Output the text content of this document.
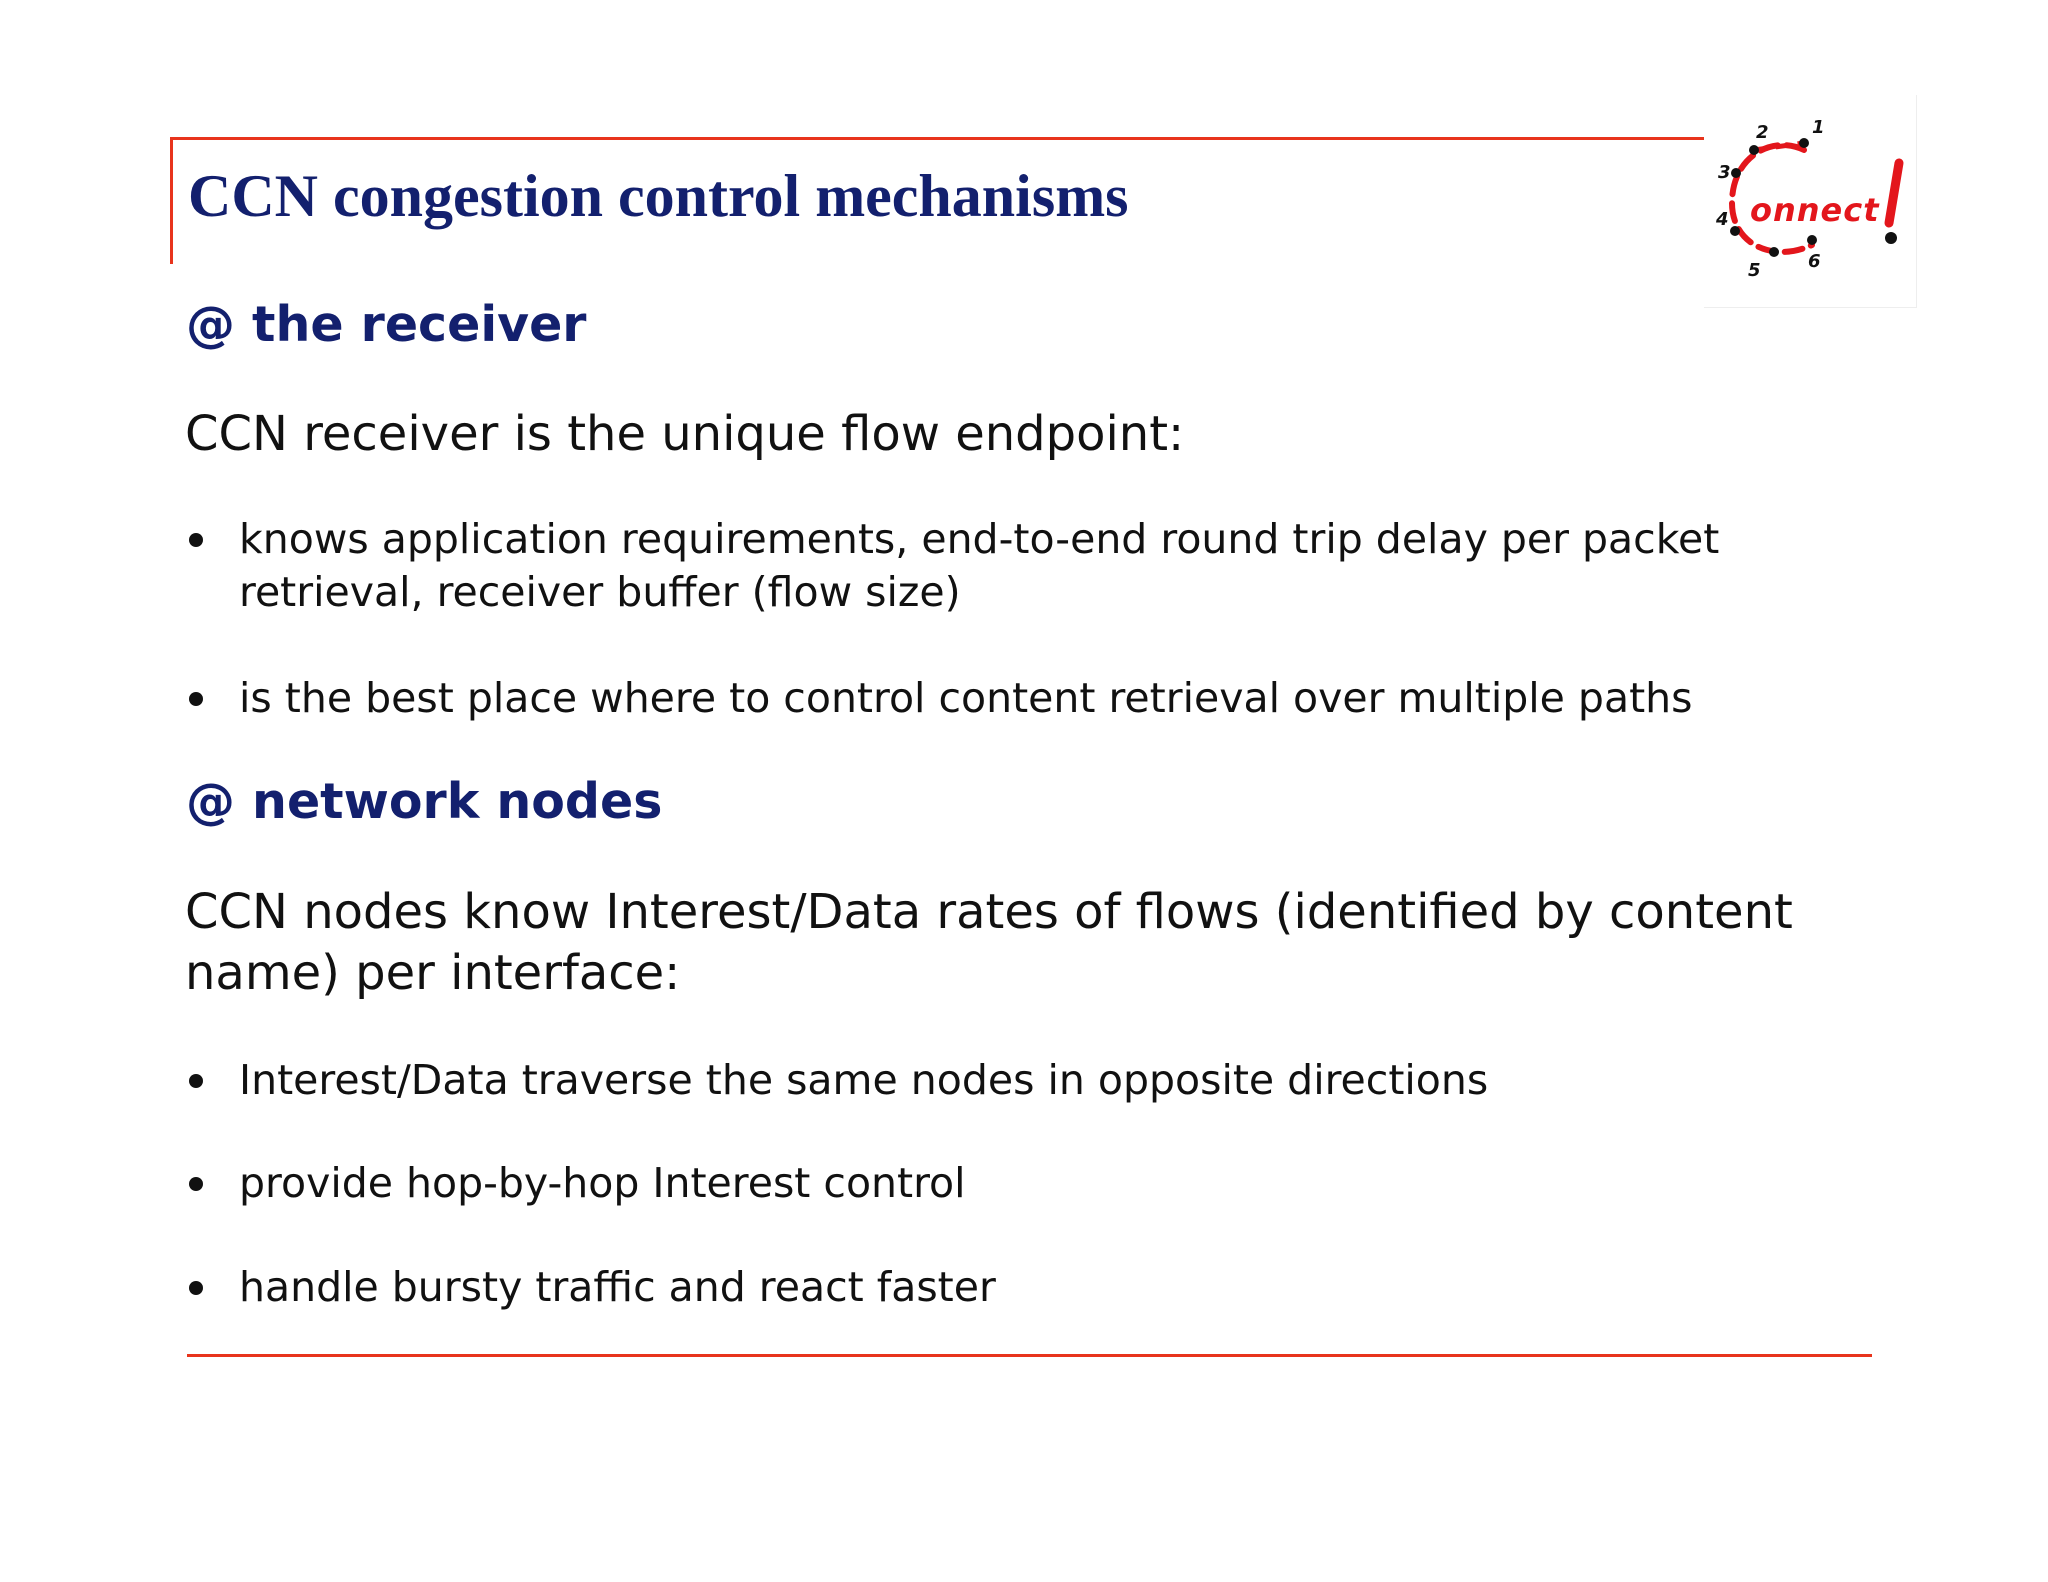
CCN congestion control mechanisms
1
2
3
4
5	6
onnect
@ the receiver

CCN receiver is the unique flow endpoint:

knows application requirements, end-to-end round trip delay per packet retrieval, receiver buffer (flow size)
is the best place where to control content retrieval over multiple paths
@ network nodes

CCN nodes know Interest/Data rates of flows (identified by content name) per interface:

Interest/Data traverse the same nodes in opposite directions
provide hop-by-hop Interest control
handle bursty traffic and react faster
